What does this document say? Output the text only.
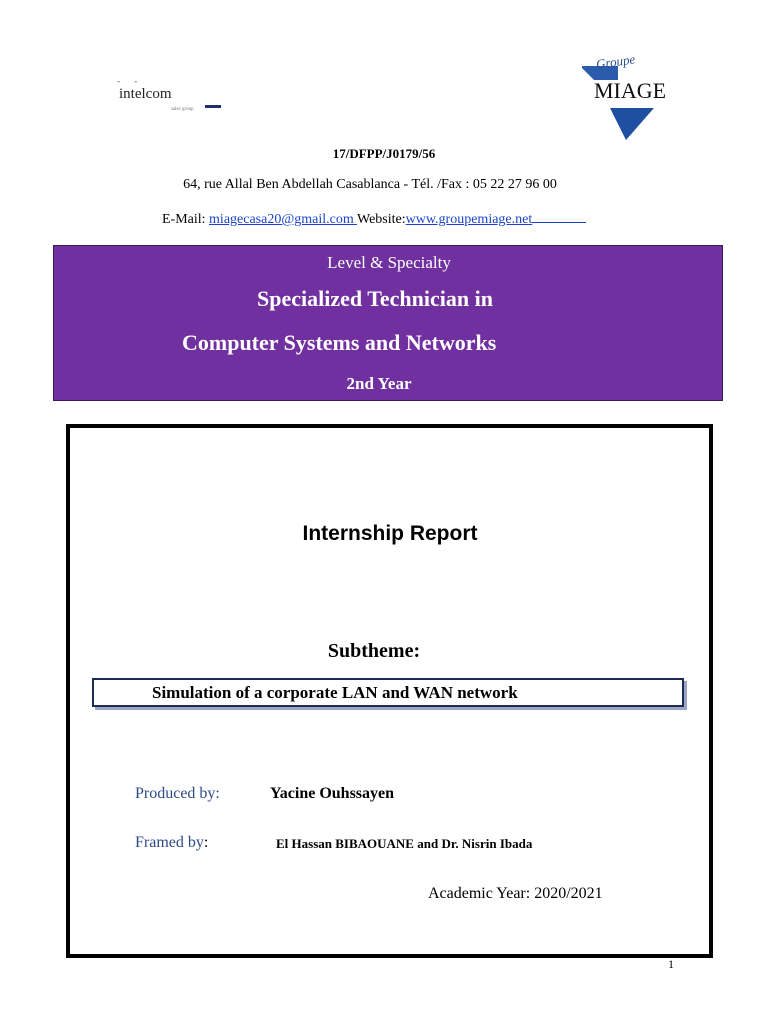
- -
intelcom
sales group
Groupe
MIAGE
17/DFPP/J0179/56
64, rue Allal Ben Abdellah Casablanca - Tél. /Fax : 05 22 27 96 00
E-Mail: miagecasa20@gmail.com Website:www.groupemiage.net
Level & Specialty
Specialized Technician in
Computer Systems and Networks
2nd Year
Internship Report
Subtheme:
Simulation of a corporate LAN and WAN network
Produced by:	Yacine Ouhssayen
Framed by:	El Hassan BIBAOUANE and Dr. Nisrin Ibada
Academic Year: 2020/2021
1
